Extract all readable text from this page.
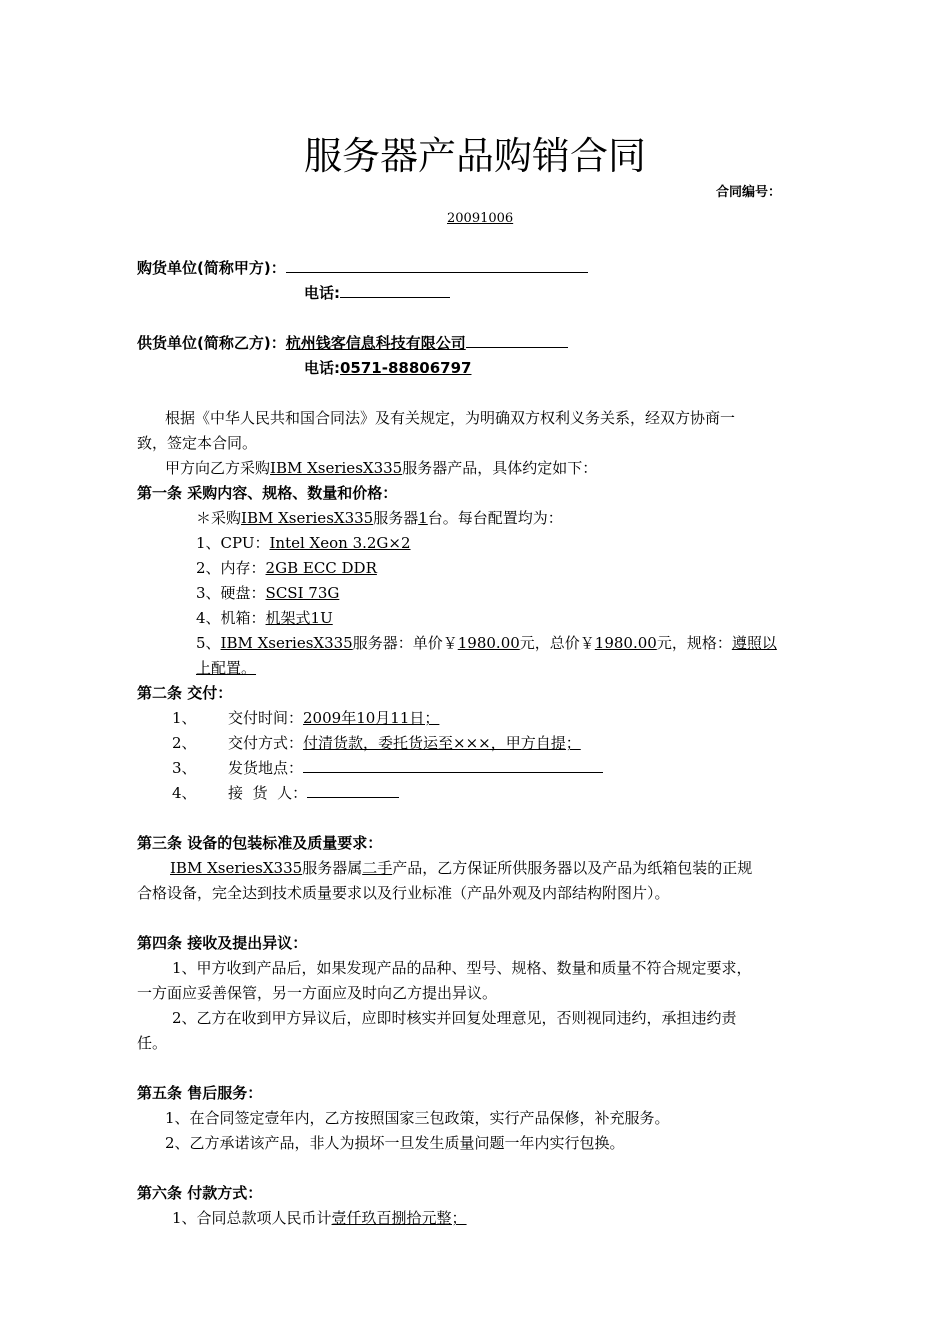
服务器产品购销合同
合同编号：
20091006
购货单位(简称甲方)：
电话:
供货单位(简称乙方)：杭州钱客信息科技有限公司
电话:0571-88806797
根据《中华人民共和国合同法》及有关规定，为明确双方权利义务关系，经双方协商一
致，签定本合同。
甲方向乙方采购IBM XseriesX335服务器产品，具体约定如下：
第一条 采购内容、规格、数量和价格：
＊采购IBM XseriesX335服务器1台。每台配置均为：
1、CPU：Intel Xeon 3.2G×2
2、内存：2GB ECC DDR
3、硬盘：SCSI 73G
4、机箱：机架式1U
5、IBM XseriesX335服务器：单价￥1980.00元，总价￥1980.00元，规格：遵照以
上配置。
第二条 交付：
1、 交付时间：2009年10月11日；
2、 交付方式：付清货款，委托货运至×××，甲方自提；
3、 发货地点：
4、 接  货  人：
第三条 设备的包装标准及质量要求：
IBM XseriesX335服务器属二手产品，乙方保证所供服务器以及产品为纸箱包装的正规
合格设备，完全达到技术质量要求以及行业标准（产品外观及内部结构附图片）。
第四条 接收及提出异议：
1、甲方收到产品后，如果发现产品的品种、型号、规格、数量和质量不符合规定要求，
一方面应妥善保管，另一方面应及时向乙方提出异议。
2、乙方在收到甲方异议后，应即时核实并回复处理意见，否则视同违约，承担违约责
任。
第五条 售后服务：
1、在合同签定壹年内，乙方按照国家三包政策，实行产品保修，补充服务。
2、乙方承诺该产品，非人为损坏一旦发生质量问题一年内实行包换。
第六条 付款方式：
1、合同总款项人民币计壹仟玖百捌拾元整；
